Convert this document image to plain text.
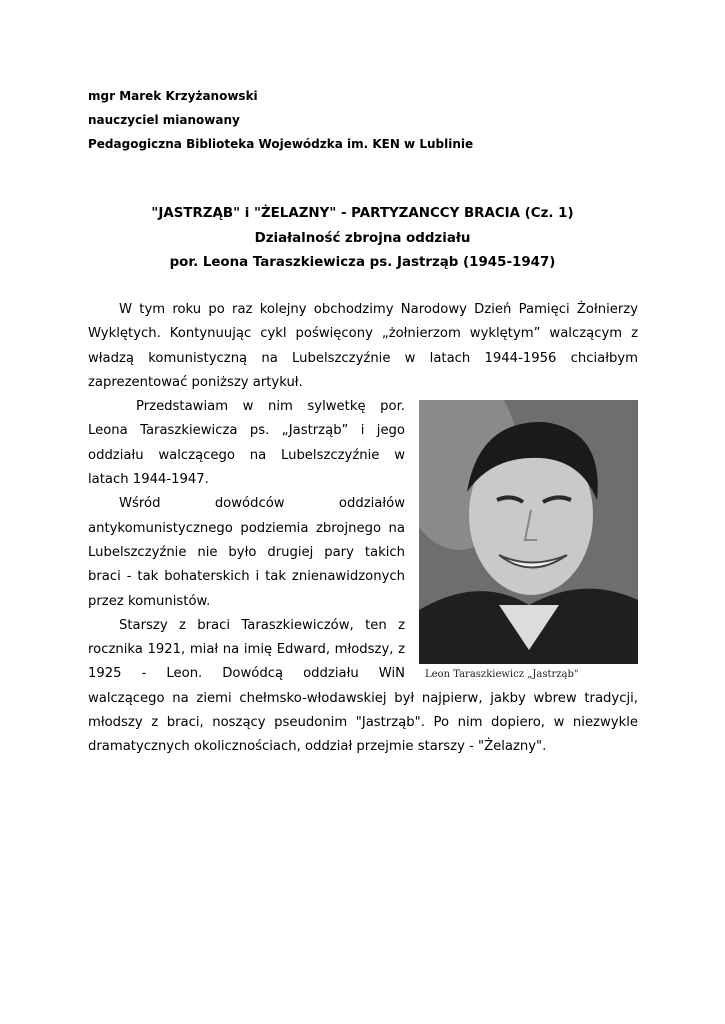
mgr Marek Krzyżanowski
nauczyciel mianowany
Pedagogiczna Biblioteka Wojewódzka im. KEN w Lublinie
"JASTRZĄB" i "ŻELAZNY" - PARTYZANCCY BRACIA (Cz. 1)
Działalność zbrojna oddziału
por. Leona Taraszkiewicza ps. Jastrząb (1945-1947)

W tym roku po raz kolejny obchodzimy Narodowy Dzień Pamięci Żołnierzy Wyklętych. Kontynuując cykl poświęcony „żołnierzom wyklętym” walczącym z władzą komunistyczną na Lubelszczyźnie w latach 1944-1956 chciałbym zaprezentować poniższy artykuł.

Leon Taraszkiewicz „Jastrząb"

Przedstawiam w nim sylwetkę por. Leona Taraszkiewicza ps. „Jastrząb” i jego oddziału walczącego na Lubelszczyźnie w latach 1944-1947.

Wśród dowódców oddziałów antykomunistycznego podziemia zbrojnego na Lubelszczyźnie nie było drugiej pary takich braci - tak bohaterskich i tak znienawidzonych przez komunistów.

Starszy z braci Taraszkiewiczów, ten z rocznika 1921, miał na imię Edward, młodszy, z 1925 - Leon. Dowódcą oddziału WiN walczącego na ziemi chełmsko-włodawskiej był najpierw, jakby wbrew tradycji, młodszy z braci, noszący pseudonim "Jastrząb". Po nim dopiero, w niezwykle dramatycznych okolicznościach, oddział przejmie starszy - "Żelazny".
